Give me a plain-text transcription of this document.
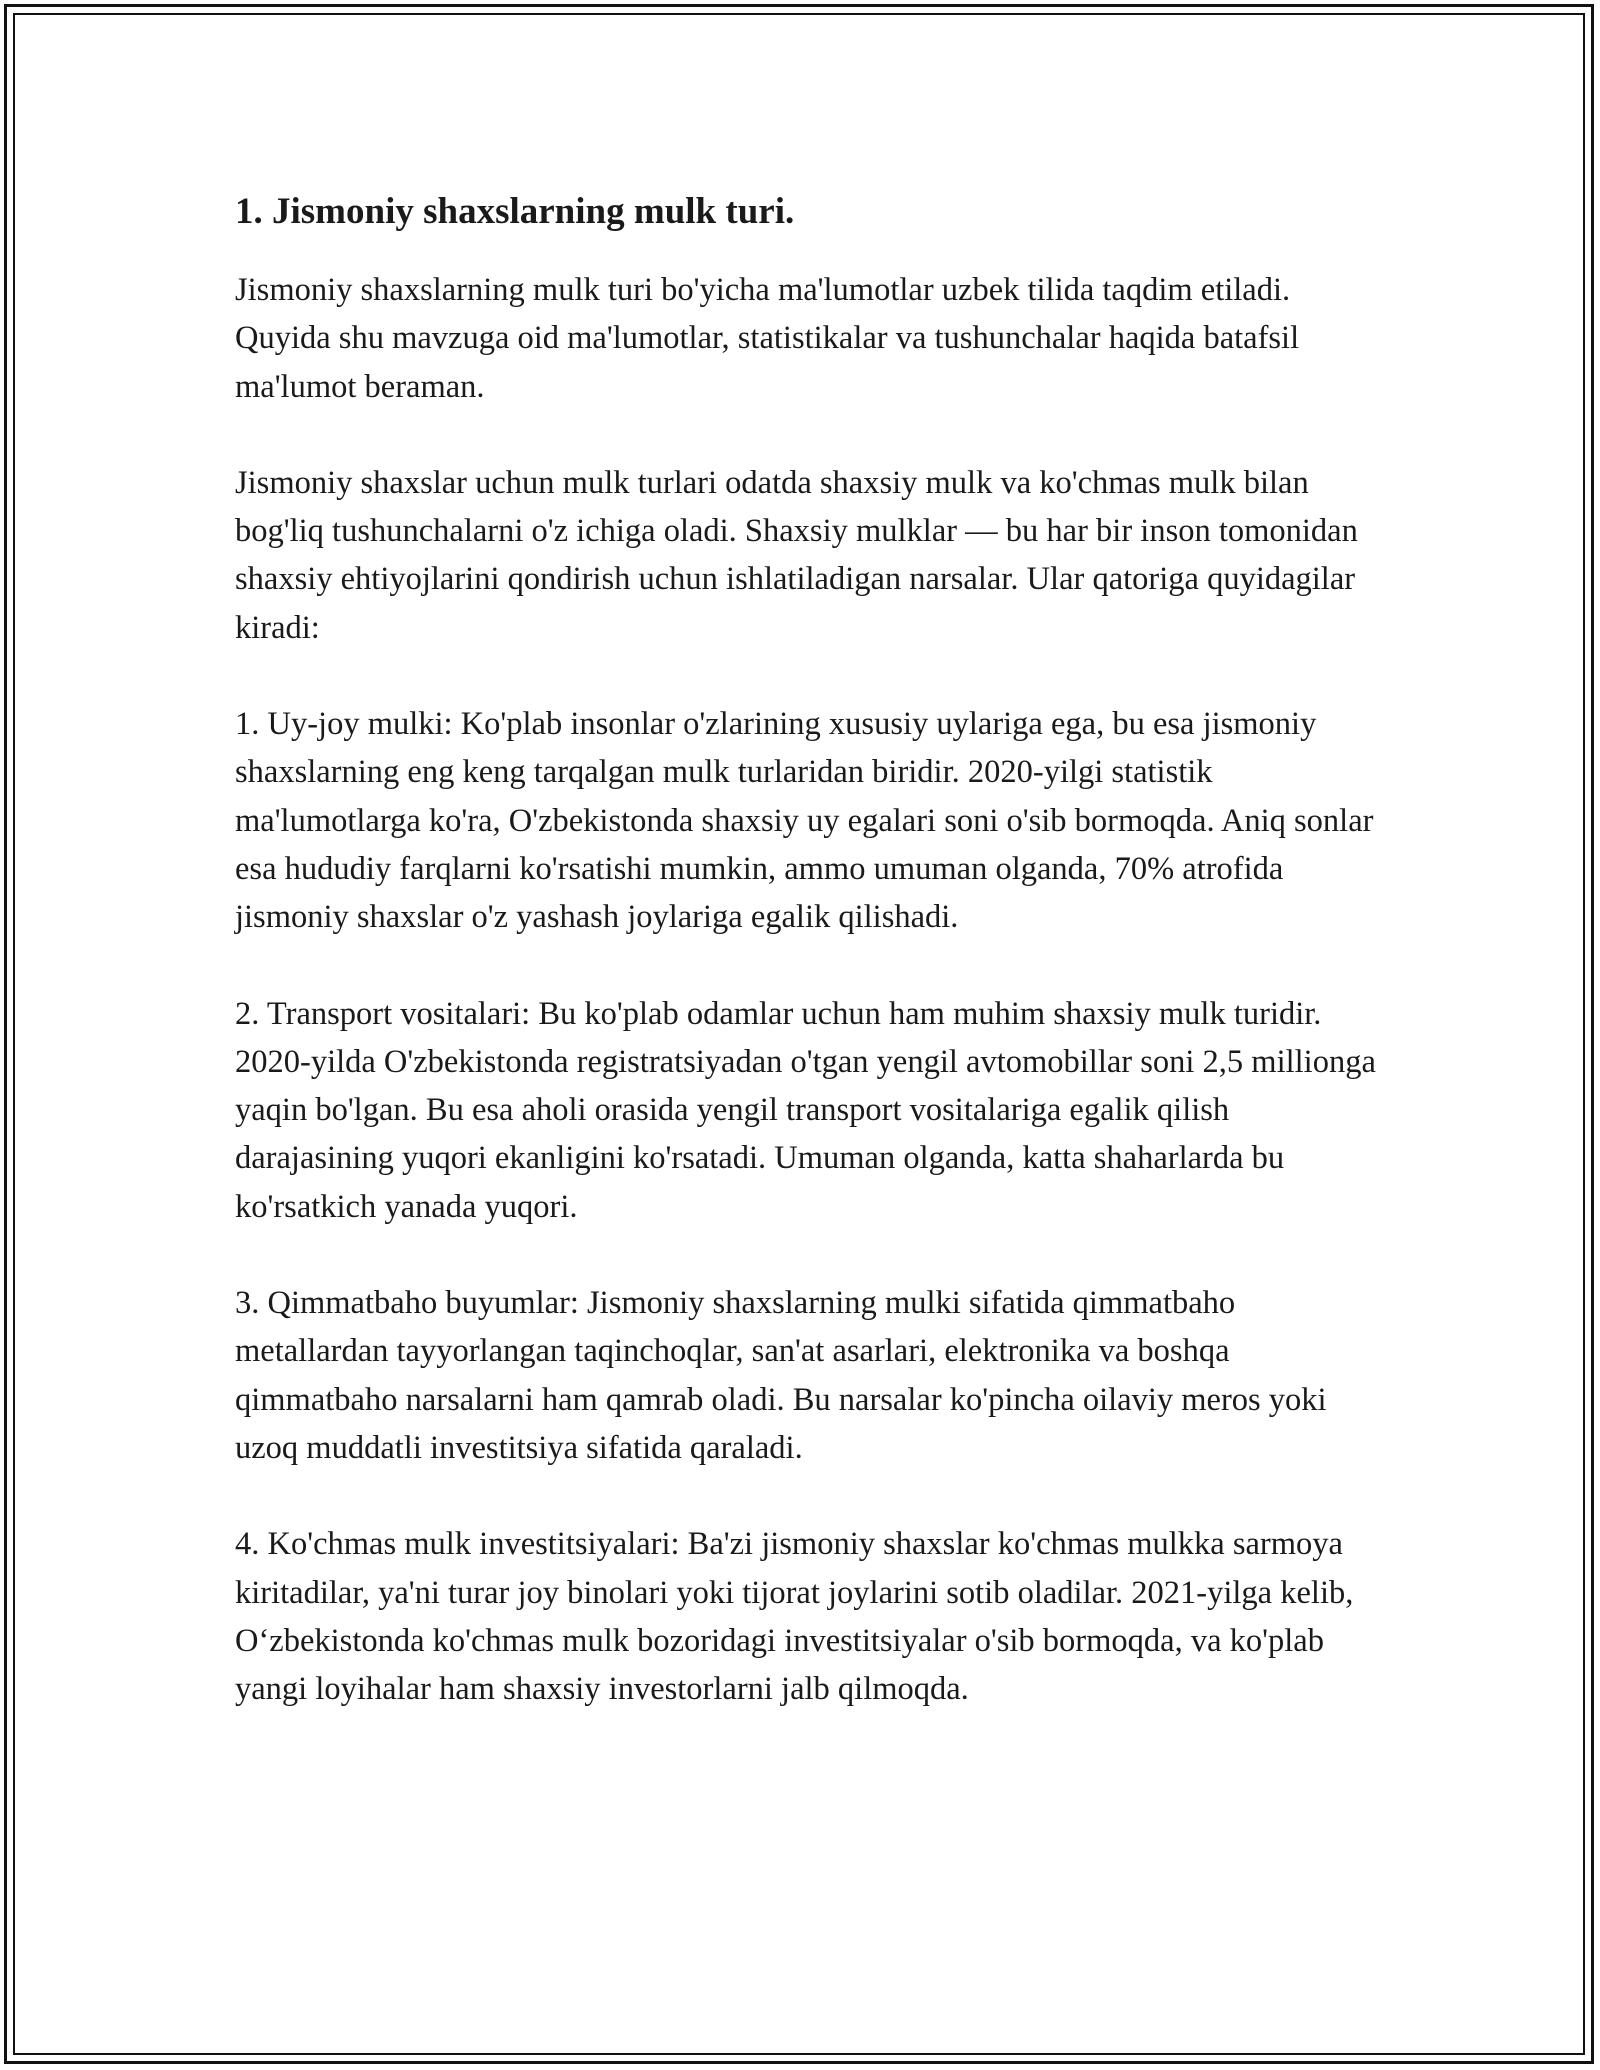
1. Jismoniy shaxslarning mulk turi.

Jismoniy shaxslarning mulk turi bo'yicha ma'lumotlar uzbek tilida taqdim etiladi. Quyida shu mavzuga oid ma'lumotlar, statistikalar va tushunchalar haqida batafsil ma'lumot beraman.

Jismoniy shaxslar uchun mulk turlari odatda shaxsiy mulk va ko'chmas mulk bilan bog'liq tushunchalarni o'z ichiga oladi. Shaxsiy mulklar — bu har bir inson tomonidan shaxsiy ehtiyojlarini qondirish uchun ishlatiladigan narsalar. Ular qatoriga quyidagilar kiradi:

1. Uy-joy mulki: Ko'plab insonlar o'zlarining xususiy uylariga ega, bu esa jismoniy shaxslarning eng keng tarqalgan mulk turlaridan biridir. 2020-yilgi statistik ma'lumotlarga ko'ra, O'zbekistonda shaxsiy uy egalari soni o'sib bormoqda. Aniq sonlar esa hududiy farqlarni ko'rsatishi mumkin, ammo umuman olganda, 70% atrofida jismoniy shaxslar o'z yashash joylariga egalik qilishadi.

2. Transport vositalari: Bu ko'plab odamlar uchun ham muhim shaxsiy mulk turidir. 2020-yilda O'zbekistonda registratsiyadan o'tgan yengil avtomobillar soni 2,5 millionga yaqin bo'lgan. Bu esa aholi orasida yengil transport vositalariga egalik qilish darajasining yuqori ekanligini ko'rsatadi. Umuman olganda, katta shaharlarda bu ko'rsatkich yanada yuqori.

3. Qimmatbaho buyumlar: Jismoniy shaxslarning mulki sifatida qimmatbaho metallardan tayyorlangan taqinchoqlar, san'at asarlari, elektronika va boshqa qimmatbaho narsalarni ham qamrab oladi. Bu narsalar ko'pincha oilaviy meros yoki uzoq muddatli investitsiya sifatida qaraladi.

4. Ko'chmas mulk investitsiyalari: Ba'zi jismoniy shaxslar ko'chmas mulkka sarmoya kiritadilar, ya'ni turar joy binolari yoki tijorat joylarini sotib oladilar. 2021-yilga kelib, O‘zbekistonda ko'chmas mulk bozoridagi investitsiyalar o'sib bormoqda, va ko'plab yangi loyihalar ham shaxsiy investorlarni jalb qilmoqda.
